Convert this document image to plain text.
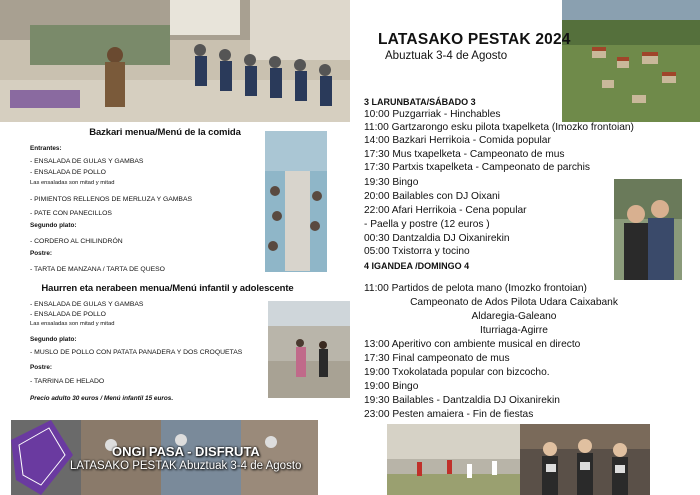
ONGI PASA - DISFRUTA
LATASAKO PESTAK Abuztuak 3-4 de Agosto
Bazkari menua/Menú de la comida
Entrantes:
- ENSALADA DE GULAS Y GAMBAS
- ENSALADA DE POLLO
Las ensaladas son mitad y mitad
- PIMIENTOS RELLENOS DE MERLUZA Y GAMBAS
- PATE CON PANECILLOS
Segundo plato:
- CORDERO AL CHILINDRÓN
Postre:
- TARTA DE MANZANA / TARTA DE QUESO
Haurren eta nerabeen menua/Menú infantil y adolescente
- ENSALADA DE GULAS Y GAMBAS
- ENSALADA DE POLLO
Las ensaladas son mitad y mitad
Segundo plato:
- MUSLO DE POLLO CON PATATA PANADERA Y DOS CROQUETAS
Postre:
- TARRINA DE HELADO
Precio adulto 30 euros / Menú infantil 15 euros.
LATASAKO PESTAK 2024
Abuztuak 3-4 de Agosto
3 LARUNBATA/SÁBADO 3
10:00 Puzgarriak - Hinchables
11:00 Gartzarongo esku pilota txapelketa (Imozko frontoian)
14:00 Bazkari Herrikoia - Comida popular
17:30 Mus txapelketa - Campeonato de mus
17:30 Partxis txapelketa - Campeonato de parchis
19:30 Bingo
20:00 Bailables con DJ Oixani
22:00 Afari Herrikoia - Cena popular
- Paella y postre (12 euros )
00:30 Dantzaldia DJ Oixanirekin
05:00 Txistorra y tocino
4 IGANDEA /DOMINGO 4
11:00 Partidos de pelota mano (Imozko frontoian)
Campeonato de Ados Pilota Udara Caixabank
Aldaregia-Galeano
Iturriaga-Agirre
13:00 Aperitivo con ambiente musical en directo
17:30 Final campeonato de mus
19:00 Txokolatada popular con bizcocho.
19:00 Bingo
19:30 Bailables - Dantzaldia DJ Oixanirekin
23:00 Pesten amaiera - Fin de fiestas
